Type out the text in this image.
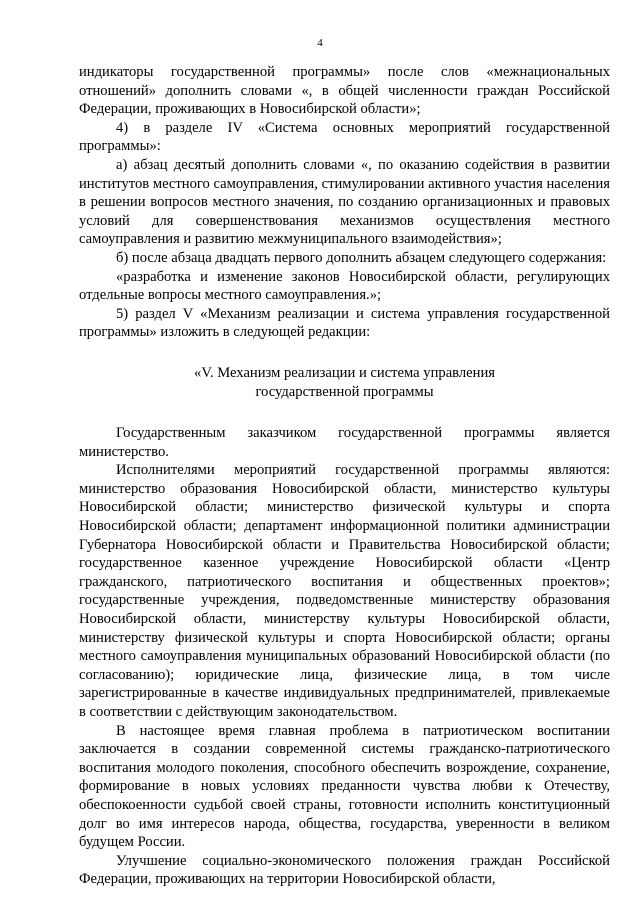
4

индикаторы государственной программы» после слов «межнациональных отношений» дополнить словами «, в общей численности граждан Российской Федерации, проживающих в Новосибирской области»;

4) в разделе IV «Система основных мероприятий государственной программы»:

а) абзац десятый дополнить словами «, по оказанию содействия в развитии институтов местного самоуправления, стимулировании активного участия населения в решении вопросов местного значения, по созданию организационных и правовых условий для совершенствования механизмов осуществления местного самоуправления и развитию межмуниципального взаимодействия»;

б) после абзаца двадцать первого дополнить абзацем следующего содержания:

«разработка и изменение законов Новосибирской области, регулирующих отдельные вопросы местного самоуправления.»;

5) раздел V «Механизм реализации и система управления государственной программы» изложить в следующей редакции:

«V. Механизм реализации и система управления
государственной программы

Государственным заказчиком государственной программы является министерство.

Исполнителями мероприятий государственной программы являются: министерство образования Новосибирской области, министерство культуры Новосибирской области; министерство физической культуры и спорта Новосибирской области; департамент информационной политики администрации Губернатора Новосибирской области и Правительства Новосибирской области; государственное казенное учреждение Новосибирской области «Центр гражданского, патриотического воспитания и общественных проектов»; государственные учреждения, подведомственные министерству образования Новосибирской области, министерству культуры Новосибирской области, министерству физической культуры и спорта Новосибирской области; органы местного самоуправления муниципальных образований Новосибирской области (по согласованию); юридические лица, физические лица, в том числе зарегистрированные в качестве индивидуальных предпринимателей, привлекаемые в соответствии с действующим законодательством.

В настоящее время главная проблема в патриотическом воспитании заключается в создании современной системы гражданско-патриотического воспитания молодого поколения, способного обеспечить возрождение, сохранение, формирование в новых условиях преданности чувства любви к Отечеству, обеспокоенности судьбой своей страны, готовности исполнить конституционный долг во имя интересов народа, общества, государства, уверенности в великом будущем России.

Улучшение социально-экономического положения граждан Российской Федерации, проживающих на территории Новосибирской области,
